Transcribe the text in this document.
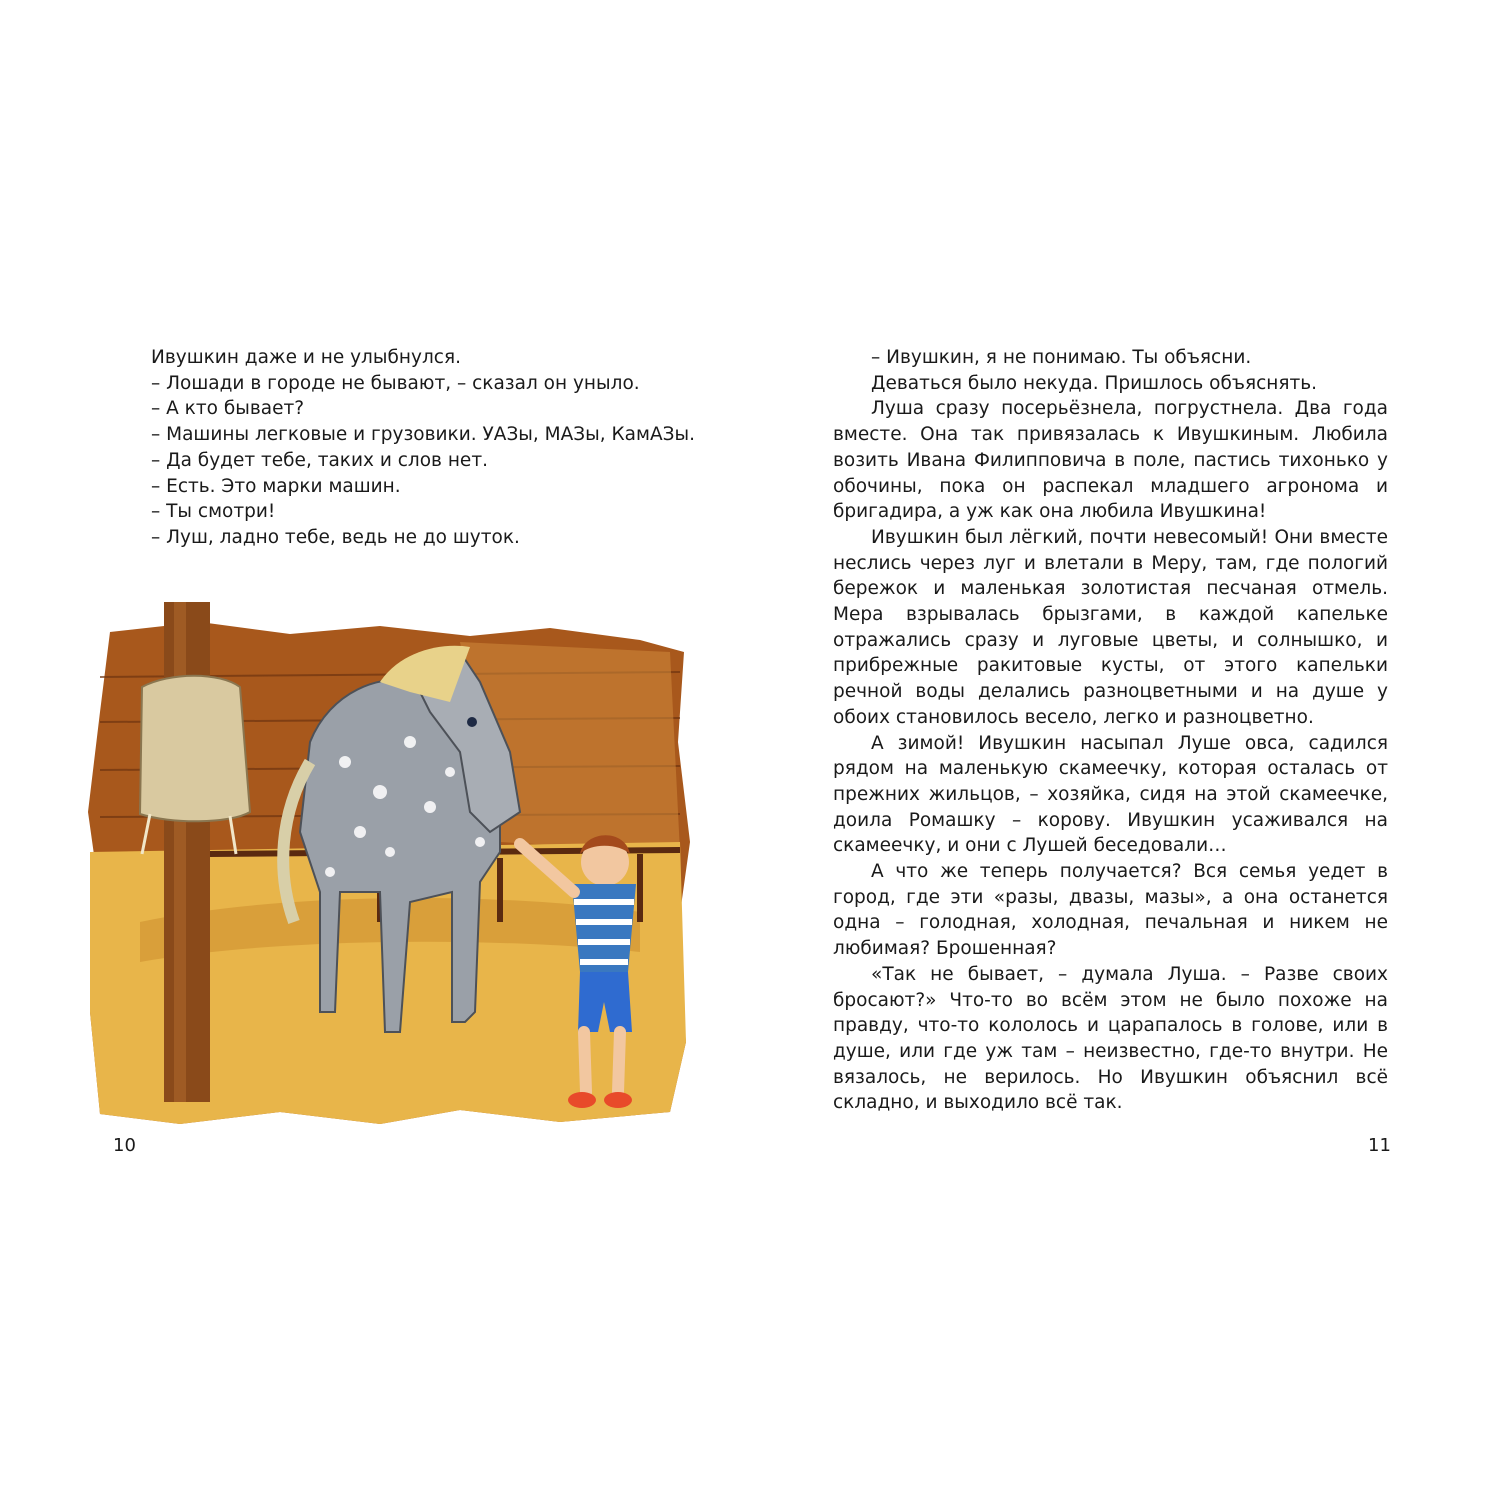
Ивушкин даже и не улыбнулся.

– Лошади в городе не бывают, – сказал он уныло.

– А кто бывает?

– Машины легковые и грузовики. УАЗы, МАЗы, КамАЗы.

– Да будет тебе, таких и слов нет.

– Есть. Это марки машин.

– Ты смотри!

– Луш, ладно тебе, ведь не до шуток.

10

– Ивушкин, я не понимаю. Ты объясни.

Деваться было некуда. Пришлось объяснять.

Луша сразу посерьёзнела, погрустнела. Два года вместе. Она так привязалась к Ивушкиным. Любила возить Ивана Филипповича в поле, пастись тихонько у обочины, пока он распекал младшего агронома и бригадира, а уж как она любила Ивушкина!

Ивушкин был лёгкий, почти невесомый! Они вместе неслись через луг и влетали в Меру, там, где пологий бережок и маленькая золотистая песчаная отмель. Мера взрывалась брызгами, в каждой капельке отражались сразу и луговые цветы, и солнышко, и прибрежные ракитовые кусты, от этого капельки речной воды делались разноцветными и на душе у обоих становилось весело, легко и разноцветно.

А зимой! Ивушкин насыпал Луше овса, садился рядом на маленькую скамеечку, которая осталась от прежних жильцов, – хозяйка, сидя на этой скамеечке, доила Ромашку – корову. Ивушкин усаживался на скамеечку, и они с Лушей беседовали…

А что же теперь получается? Вся семья уедет в город, где эти «разы, двазы, мазы», а она останется одна – голодная, холодная, печальная и никем не любимая? Брошенная?

«Так не бывает, – думала Луша. – Разве своих бросают?» Что-то во всём этом не было похоже на правду, что-то кололось и царапалось в голове, или в душе, или где уж там – неизвестно, где-то внутри. Не вязалось, не верилось. Но Ивушкин объяснил всё складно, и выходило всё так.

11
